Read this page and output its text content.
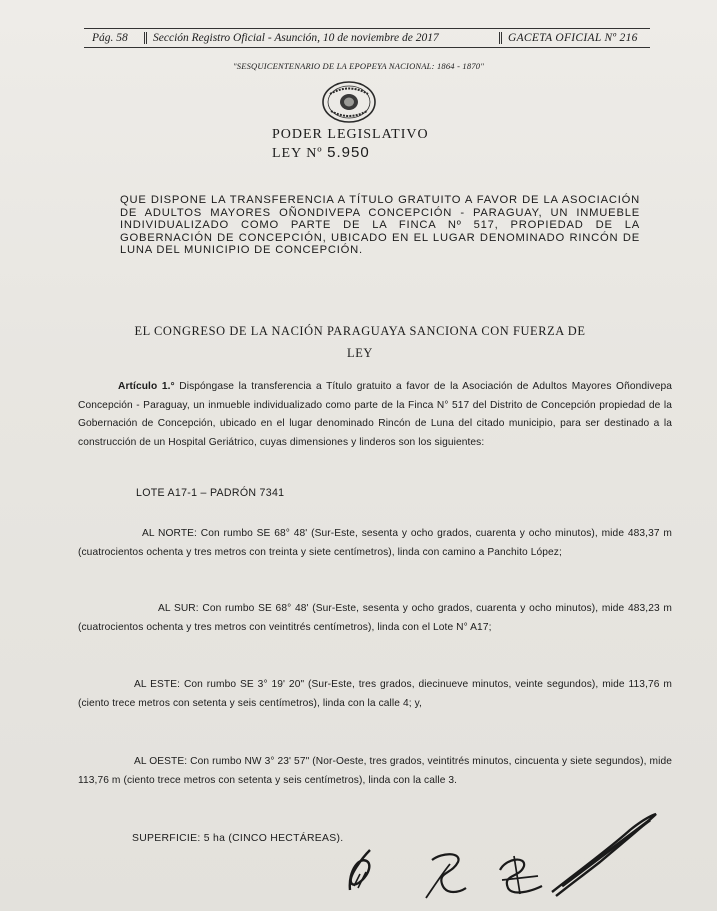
Pág. 58	Sección Registro Oficial - Asunción, 10 de noviembre de 2017	GACETA OFICIAL Nº 216
"SESQUICENTENARIO DE LA EPOPEYA NACIONAL: 1864 - 1870"
PODER LEGISLATIVO
LEY Nº 5.950
QUE DISPONE LA TRANSFERENCIA A TÍTULO GRATUITO A FAVOR DE LA ASOCIACIÓN DE ADULTOS MAYORES OÑONDIVEPA CONCEPCIÓN - PARAGUAY, UN INMUEBLE INDIVIDUALIZADO COMO PARTE DE LA FINCA Nº 517, PROPIEDAD DE LA GOBERNACIÓN DE CONCEPCIÓN, UBICADO EN EL LUGAR DENOMINADO RINCÓN DE LUNA DEL MUNICIPIO DE CONCEPCIÓN.
EL CONGRESO DE LA NACIÓN PARAGUAYA SANCIONA CON FUERZA DE
LEY
Artículo 1.° Dispóngase la transferencia a Título gratuito a favor de la Asociación de Adultos Mayores Oñondivepa Concepción - Paraguay, un inmueble individualizado como parte de la Finca N° 517 del Distrito de Concepción propiedad de la Gobernación de Concepción, ubicado en el lugar denominado Rincón de Luna del citado municipio, para ser destinado a la construcción de un Hospital Geriátrico, cuyas dimensiones y linderos son los siguientes:
LOTE A17-1 – PADRÓN 7341
AL NORTE: Con rumbo SE 68° 48' (Sur-Este, sesenta y ocho grados, cuarenta y ocho minutos), mide 483,37 m (cuatrocientos ochenta y tres metros con treinta y siete centímetros), linda con camino a Panchito López;
AL SUR: Con rumbo SE 68° 48' (Sur-Este, sesenta y ocho grados, cuarenta y ocho minutos), mide 483,23 m (cuatrocientos ochenta y tres metros con veintitrés centímetros), linda con el Lote N° A17;
AL ESTE: Con rumbo SE 3° 19' 20" (Sur-Este, tres grados, diecinueve minutos, veinte segundos), mide 113,76 m (ciento trece metros con setenta y seis centímetros), linda con la calle 4; y,
AL OESTE: Con rumbo NW 3° 23' 57" (Nor-Oeste, tres grados, veintitrés minutos, cincuenta y siete segundos), mide 113,76 m (ciento trece metros con setenta y seis centímetros), linda con la calle 3.
SUPERFICIE: 5 ha (CINCO HECTÁREAS).
